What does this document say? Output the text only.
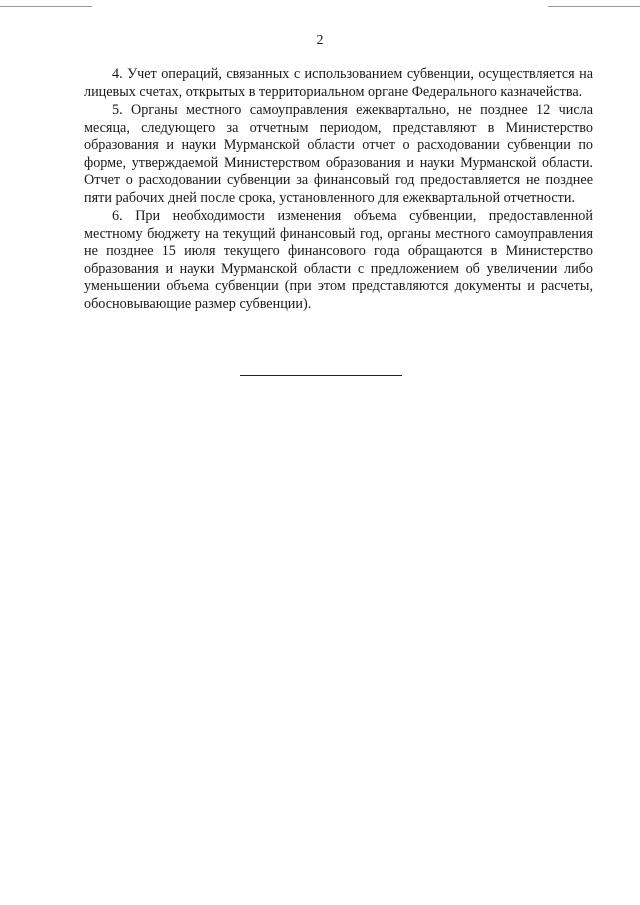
2

4. Учет операций, связанных с использованием субвенции, осуществляется на лицевых счетах, открытых в территориальном органе Федерального казначейства.

5. Органы местного самоуправления ежеквартально, не позднее 12 числа месяца, следующего за отчетным периодом, представляют в Министерство образования и науки Мурманской области отчет о расходовании субвенции по форме, утверждаемой Министерством образования и науки Мурманской области. Отчет о расходовании субвенции за финансовый год предоставляется не позднее пяти рабочих дней после срока, установленного для ежеквартальной отчетности.

6. При необходимости изменения объема субвенции, предоставленной местному бюджету на текущий финансовый год, органы местного самоуправления не позднее 15 июля текущего финансового года обращаются в Министерство образования и науки Мурманской области с предложением об увеличении либо уменьшении объема субвенции (при этом представляются документы и расчеты, обосновывающие размер субвенции).
